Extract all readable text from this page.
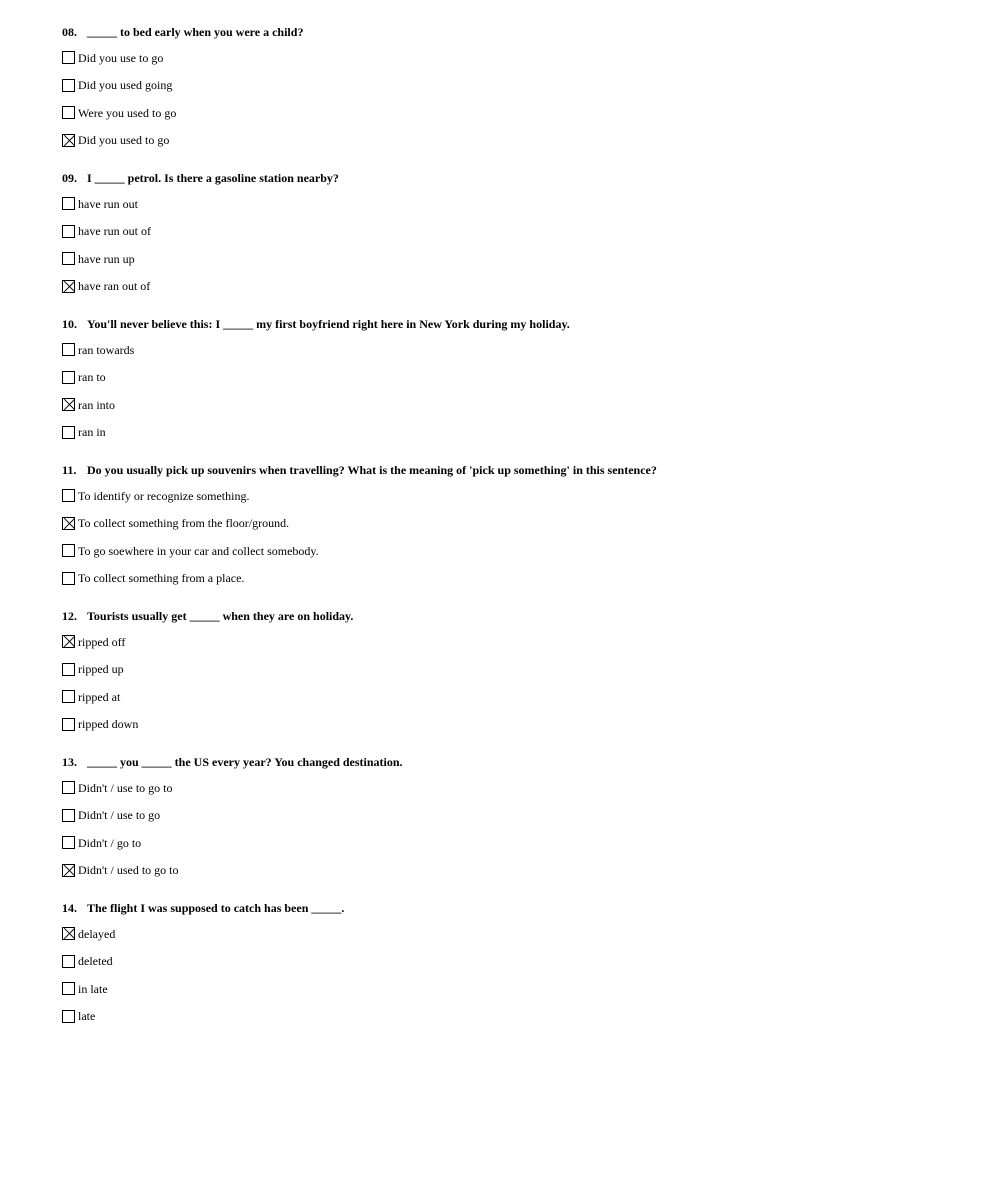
08. _____ to bed early when you were a child?
Did you use to go
Did you used going
Were you used to go
Did you used to go
09. I _____ petrol. Is there a gasoline station nearby?
have run out
have run out of
have run up
have ran out of
10. You'll never believe this: I _____ my first boyfriend right here in New York during my holiday.
ran towards
ran to
ran into
ran in
11. Do you usually pick up souvenirs when travelling? What is the meaning of 'pick up something' in this sentence?
To identify or recognize something.
To collect something from the floor/ground.
To go soewhere in your car and collect somebody.
To collect something from a place.
12. Tourists usually get _____ when they are on holiday.
ripped off
ripped up
ripped at
ripped down
13. _____ you _____ the US every year? You changed destination.
Didn't / use to go to
Didn't / use to go
Didn't / go to
Didn't / used to go to
14. The flight I was supposed to catch has been _____.
delayed
deleted
in late
late
